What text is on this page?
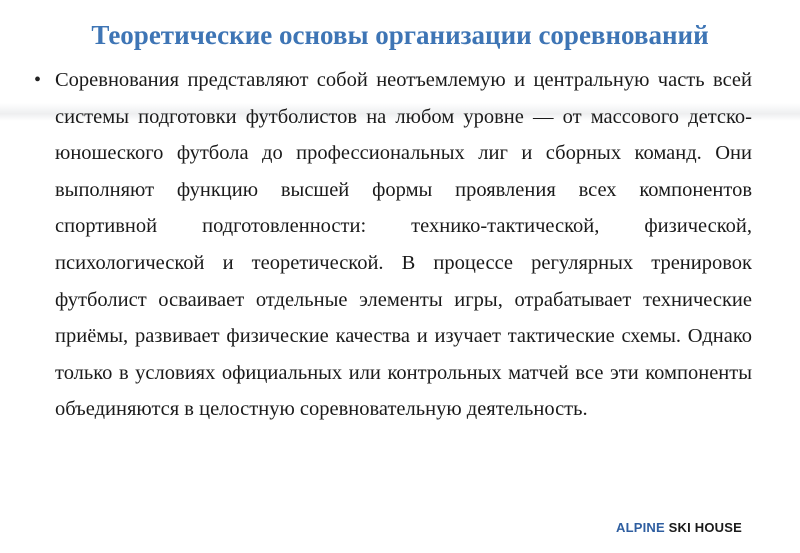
Теоретические основы организации соревнований
• Соревнования представляют собой неотъемлемую и центральную часть всей системы подготовки футболистов на любом уровне — от массового детско-юношеского футбола до профессиональных лиг и сборных команд. Они выполняют функцию высшей формы проявления всех компонентов спортивной подготовленности: технико-тактической, физической, психологической и теоретической. В процессе регулярных тренировок футболист осваивает отдельные элементы игры, отрабатывает технические приёмы, развивает физические качества и изучает тактические схемы. Однако только в условиях официальных или контрольных матчей все эти компоненты объединяются в целостную соревновательную деятельность.

ALPINE SKI HOUSE
